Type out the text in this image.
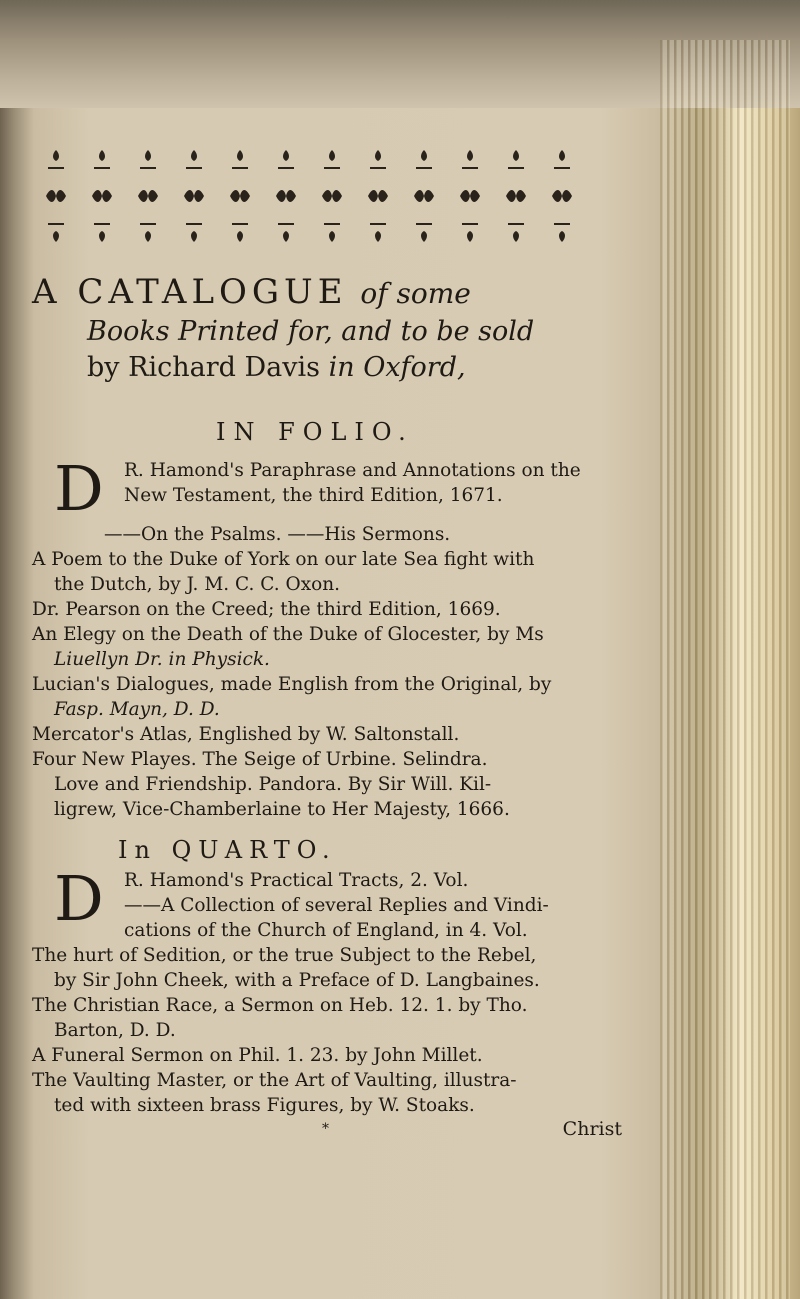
A CATALOGUE of some

Books Printed for, and to be sold

by Richard Davis in Oxford,

IN FOLIO.

D	R. Hamond's Paraphrase and Annotations on the

New Testament, the third Edition, 1671.

——On the Psalms. ——His Sermons.

A Poem to the Duke of York on our late Sea fight with

the Dutch, by J. M. C. C. Oxon.

Dr. Pearson on the Creed; the third Edition, 1669.

An Elegy on the Death of the Duke of Glocester, by Ms

Liuellyn Dr. in Physick.

Lucian's Dialogues, made English from the Original, by

Fasp. Mayn, D. D.

Mercator's Atlas, Englished by W. Saltonstall.

Four New Playes. The Seige of Urbine. Selindra.

Love and Friendship. Pandora. By Sir Will. Kil-

ligrew, Vice-Chamberlaine to Her Majesty, 1666.

In QUARTO.

D	R. Hamond's Practical Tracts, 2. Vol.

——A Collection of several Replies and Vindi-

cations of the Church of England, in 4. Vol.

The hurt of Sedition, or the true Subject to the Rebel,

by Sir John Cheek, with a Preface of D. Langbaines.

The Christian Race, a Sermon on Heb. 12. 1. by Tho.

Barton, D. D.

A Funeral Sermon on Phil. 1. 23. by John Millet.

The Vaulting Master, or the Art of Vaulting, illustra-

ted with sixteen brass Figures, by W. Stoaks.

*	Christ
